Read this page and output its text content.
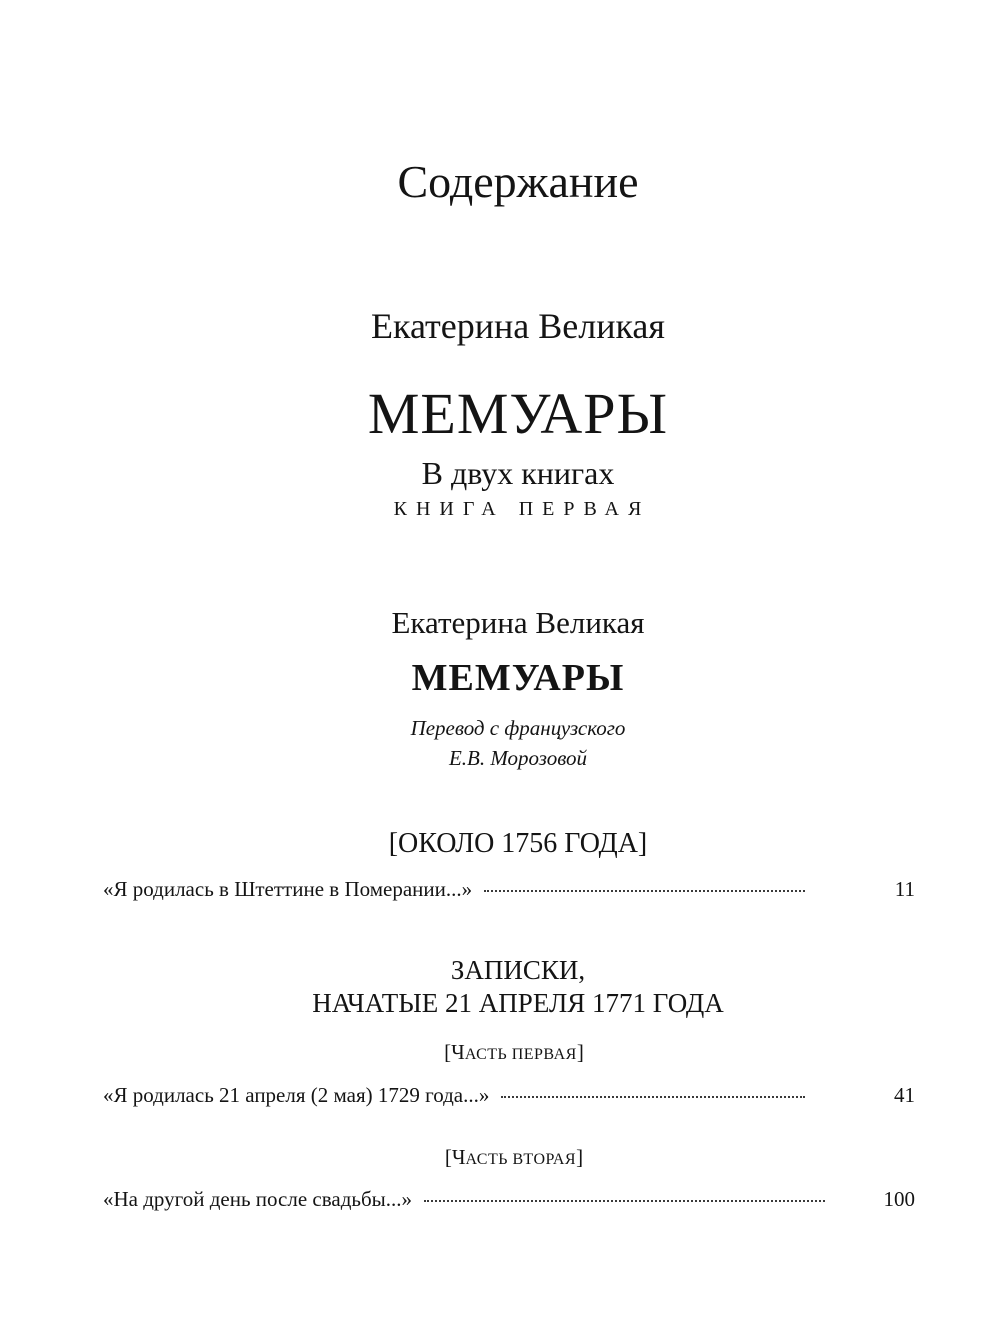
Содержание
Екатерина Великая
МЕМУАРЫ
В двух книгах
КНИГА ПЕРВАЯ
Екатерина Великая
МЕМУАРЫ
Перевод с французского
Е.В. Морозовой
[ОКОЛО 1756 ГОДА]
«Я родилась в Штеттине в Померании...»	11
ЗАПИСКИ,
НАЧАТЫЕ 21 АПРЕЛЯ 1771 ГОДА
[ЧАСТЬ ПЕРВАЯ]
«Я родилась 21 апреля (2 мая) 1729 года...»	41
[ЧАСТЬ ВТОРАЯ]
«На другой день после свадьбы...»	100
